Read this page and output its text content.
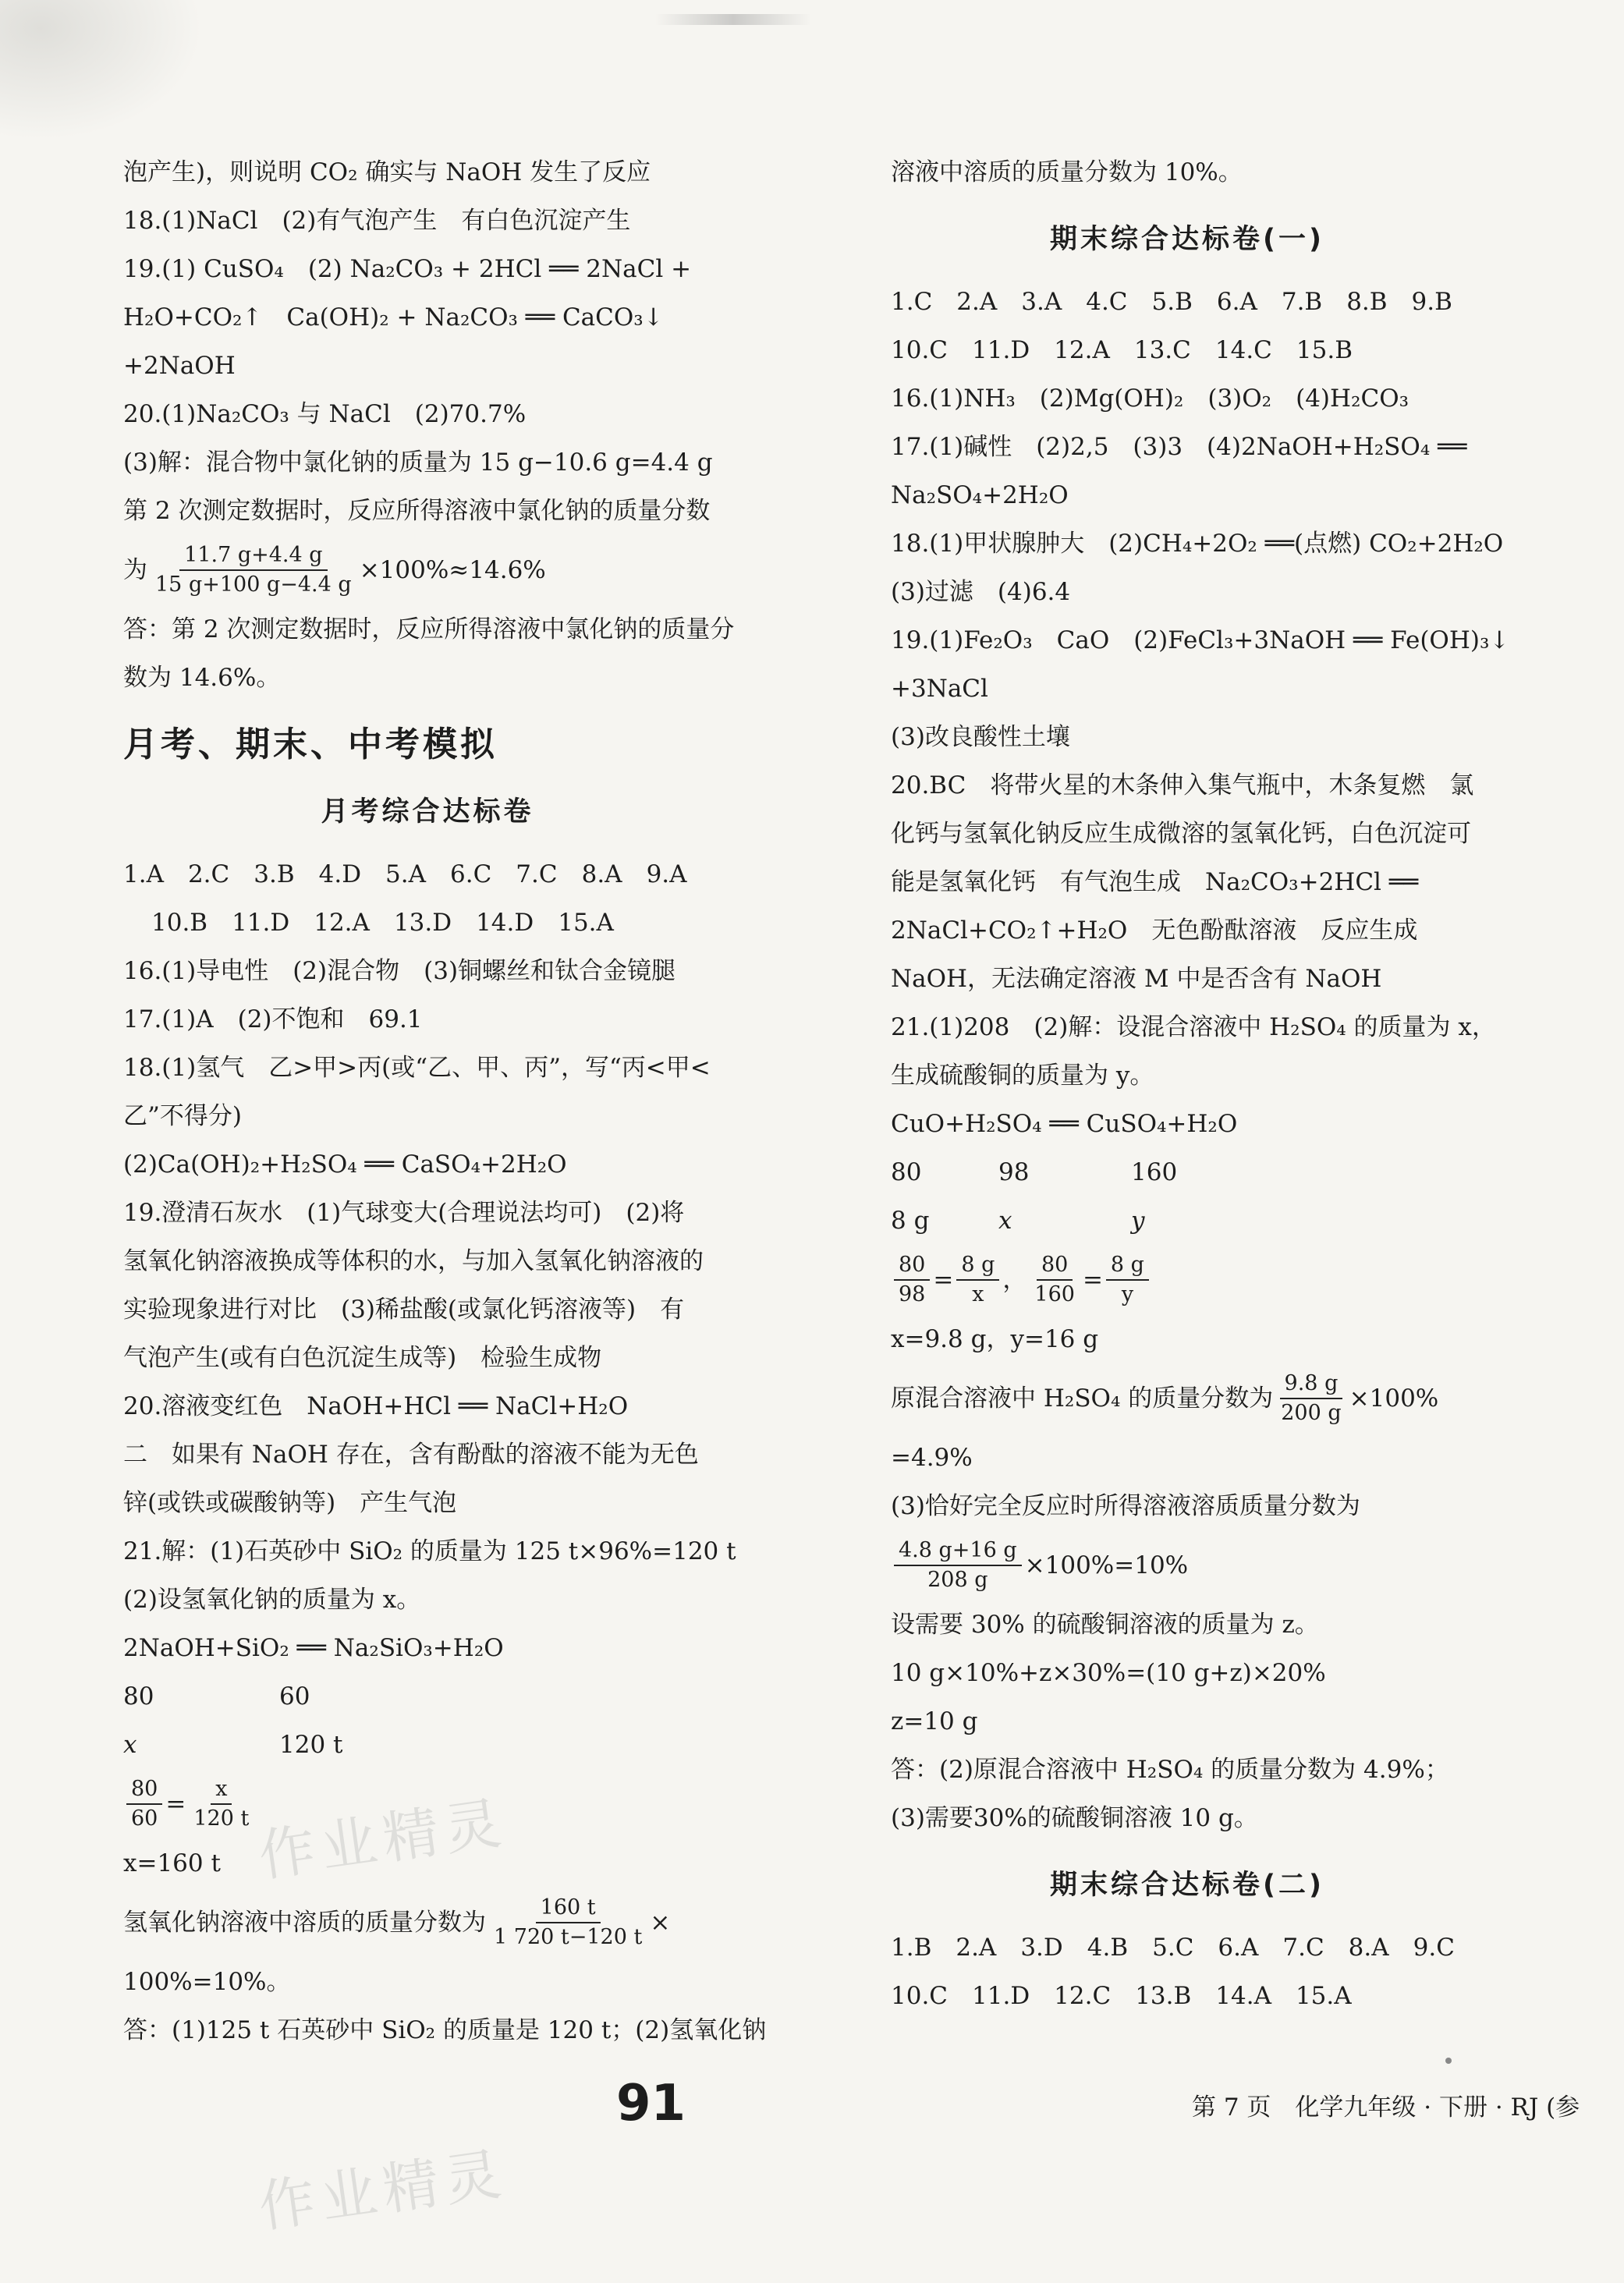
泡产生)，则说明 CO₂ 确实与 NaOH 发生了反应
18.(1)NaCl　(2)有气泡产生　有白色沉淀产生
19.(1) CuSO₄　(2) Na₂CO₃ + 2HCl ══ 2NaCl +
H₂O+CO₂↑　Ca(OH)₂ + Na₂CO₃ ══ CaCO₃↓
+2NaOH
20.(1)Na₂CO₃ 与 NaCl　(2)70.7%
(3)解：混合物中氯化钠的质量为 15 g−10.6 g=4.4 g
第 2 次测定数据时，反应所得溶液中氯化钠的质量分数
为 $\frac{11.7 g+4.4 g}{15 g+100 g-4.4 g} \times 100\%\approx 14.6\%$
答：第 2 次测定数据时，反应所得溶液中氯化钠的质量分
数为 14.6%。
月考、期末、中考模拟
月考综合达标卷
1.A　2.C　3.B　4.D　5.A　6.C　7.C　8.A　9.A
10.B　11.D　12.A　13.D　14.D　15.A
16.(1)导电性　(2)混合物　(3)铜螺丝和钛合金镜腿
17.(1)A　(2)不饱和　69.1
18.(1)氢气　乙>甲>丙(或“乙、甲、丙”，写“丙<甲<
乙”不得分)
(2)Ca(OH)₂+H₂SO₄ ══ CaSO₄+2H₂O
19.澄清石灰水　(1)气球变大(合理说法均可)　(2)将
氢氧化钠溶液换成等体积的水，与加入氢氧化钠溶液的
实验现象进行对比　(3)稀盐酸(或氯化钙溶液等)　有
气泡产生(或有白色沉淀生成等)　检验生成物
20.溶液变红色　NaOH+HCl ══ NaCl+H₂O
二　如果有 NaOH 存在，含有酚酞的溶液不能为无色
锌(或铁或碳酸钠等)　产生气泡
21.解：(1)石英砂中 SiO₂ 的质量为 125 t×96%=120 t
(2)设氢氧化钠的质量为 x。
2NaOH+SiO₂ ══ Na₂SiO₃+H₂O
80	60
x	120 t
$\frac{80}{60} = \frac{x}{120 t}$
x=160 t
氢氧化钠溶液中溶质的质量分数为 $\frac{160 t}{1 720 t-120 t}$ ×
100%=10%。
答：(1)125 t 石英砂中 SiO₂ 的质量是 120 t；(2)氢氧化钠
溶液中溶质的质量分数为 10%。
期末综合达标卷(一)
1.C　2.A　3.A　4.C　5.B　6.A　7.B　8.B　9.B
10.C　11.D　12.A　13.C　14.C　15.B
16.(1)NH₃　(2)Mg(OH)₂　(3)O₂　(4)H₂CO₃
17.(1)碱性　(2)2,5　(3)3　(4)2NaOH+H₂SO₄ ══
Na₂SO₄+2H₂O
18.(1)甲状腺肿大　(2)CH₄+2O₂ ══(点燃) CO₂+2H₂O
(3)过滤　(4)6.4
19.(1)Fe₂O₃　CaO　(2)FeCl₃+3NaOH ══ Fe(OH)₃↓
+3NaCl
(3)改良酸性土壤
20.BC　将带火星的木条伸入集气瓶中，木条复燃　氯
化钙与氢氧化钠反应生成微溶的氢氧化钙，白色沉淀可
能是氢氧化钙　有气泡生成　Na₂CO₃+2HCl ══
2NaCl+CO₂↑+H₂O　无色酚酞溶液　反应生成
NaOH，无法确定溶液 M 中是否含有 NaOH
21.(1)208　(2)解：设混合溶液中 H₂SO₄ 的质量为 x，
生成硫酸铜的质量为 y。
CuO+H₂SO₄ ══ CuSO₄+H₂O
80	98	160
8 g	x	y
$\frac{80}{98} = \frac{8 g}{x}$ ， $\frac{80}{160} = \frac{8 g}{y}$
x=9.8 g，y=16 g
原混合溶液中 H₂SO₄ 的质量分数为 $\frac{9.8 g}{200 g} \times 100\%$
=4.9%
(3)恰好完全反应时所得溶液溶质质量分数为
$\frac{4.8 g+16 g}{208 g} \times 100\%=10\%$
设需要 30% 的硫酸铜溶液的质量为 z。
10 g×10%+z×30%=(10 g+z)×20%
z=10 g
答：(2)原混合溶液中 H₂SO₄ 的质量分数为 4.9%；
(3)需要30%的硫酸铜溶液 10 g。
期末综合达标卷(二)
1.B　2.A　3.D　4.B　5.C　6.A　7.C　8.A　9.C
10.C　11.D　12.C　13.B　14.A　15.A
作业精灵
作业精灵
91	第 7 页　化学九年级 · 下册 · RJ (参
